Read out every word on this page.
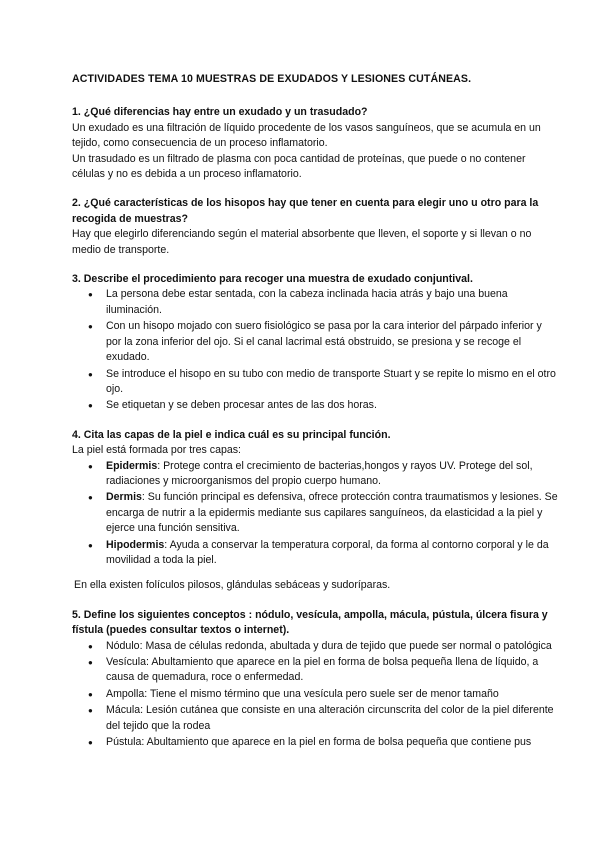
ACTIVIDADES TEMA 10 MUESTRAS DE EXUDADOS Y LESIONES CUTÁNEAS.

1. ¿Qué diferencias hay entre un exudado y un trasudado?

Un exudado es una filtración de líquido procedente de los vasos sanguíneos, que se acumula en un tejido, como consecuencia de un proceso inflamatorio.

Un trasudado es un filtrado de plasma con poca cantidad de proteínas, que puede o no contener células y no es debida a un proceso inflamatorio.

2. ¿Qué características de los hisopos hay que tener en cuenta para elegir uno u otro para la recogida de muestras?

Hay que elegirlo diferenciando según el material absorbente que lleven, el soporte y si llevan o no medio de transporte.

3. Describe el procedimiento para recoger una muestra de exudado conjuntival.

● La persona debe estar sentada, con la cabeza inclinada hacia atrás y bajo una buena iluminación.
● Con un hisopo mojado con suero fisiológico se pasa por la cara interior del párpado inferior y por la zona inferior del ojo. Si el canal lacrimal está obstruido, se presiona y se recoge el exudado.
● Se introduce el hisopo en su tubo con medio de transporte Stuart y se repite lo mismo en el otro ojo.
● Se etiquetan y se deben procesar antes de las dos horas.

4. Cita las capas de la piel e indica cuál es su principal función.

La piel está formada por tres capas:

● Epidermis: Protege contra el crecimiento de bacterias,hongos y rayos UV. Protege del sol, radiaciones y microorganismos del propio cuerpo humano.
● Dermis: Su función principal es defensiva, ofrece protección contra traumatismos y lesiones. Se encarga de nutrir a la epidermis mediante sus capilares sanguíneos, da elasticidad a la piel y ejerce una función sensitiva.
● Hipodermis: Ayuda a conservar la temperatura corporal, da forma al contorno corporal y le da movilidad a toda la piel.

En ella existen folículos pilosos, glándulas sebáceas y sudoríparas.

5. Define los siguientes conceptos : nódulo, vesícula, ampolla, mácula, pústula, úlcera fisura y fístula (puedes consultar textos o internet).

● Nódulo: Masa de células redonda, abultada y dura de tejido que puede ser normal o patológica
● Vesícula: Abultamiento que aparece en la piel en forma de bolsa pequeña llena de líquido, a causa de quemadura, roce o enfermedad.
● Ampolla: Tiene el mismo término que una vesícula pero suele ser de menor tamaño
● Mácula: Lesión cutánea que consiste en una alteración circunscrita del color de la piel diferente del tejido que la rodea
● Pústula: Abultamiento que aparece en la piel en forma de bolsa pequeña que contiene pus
